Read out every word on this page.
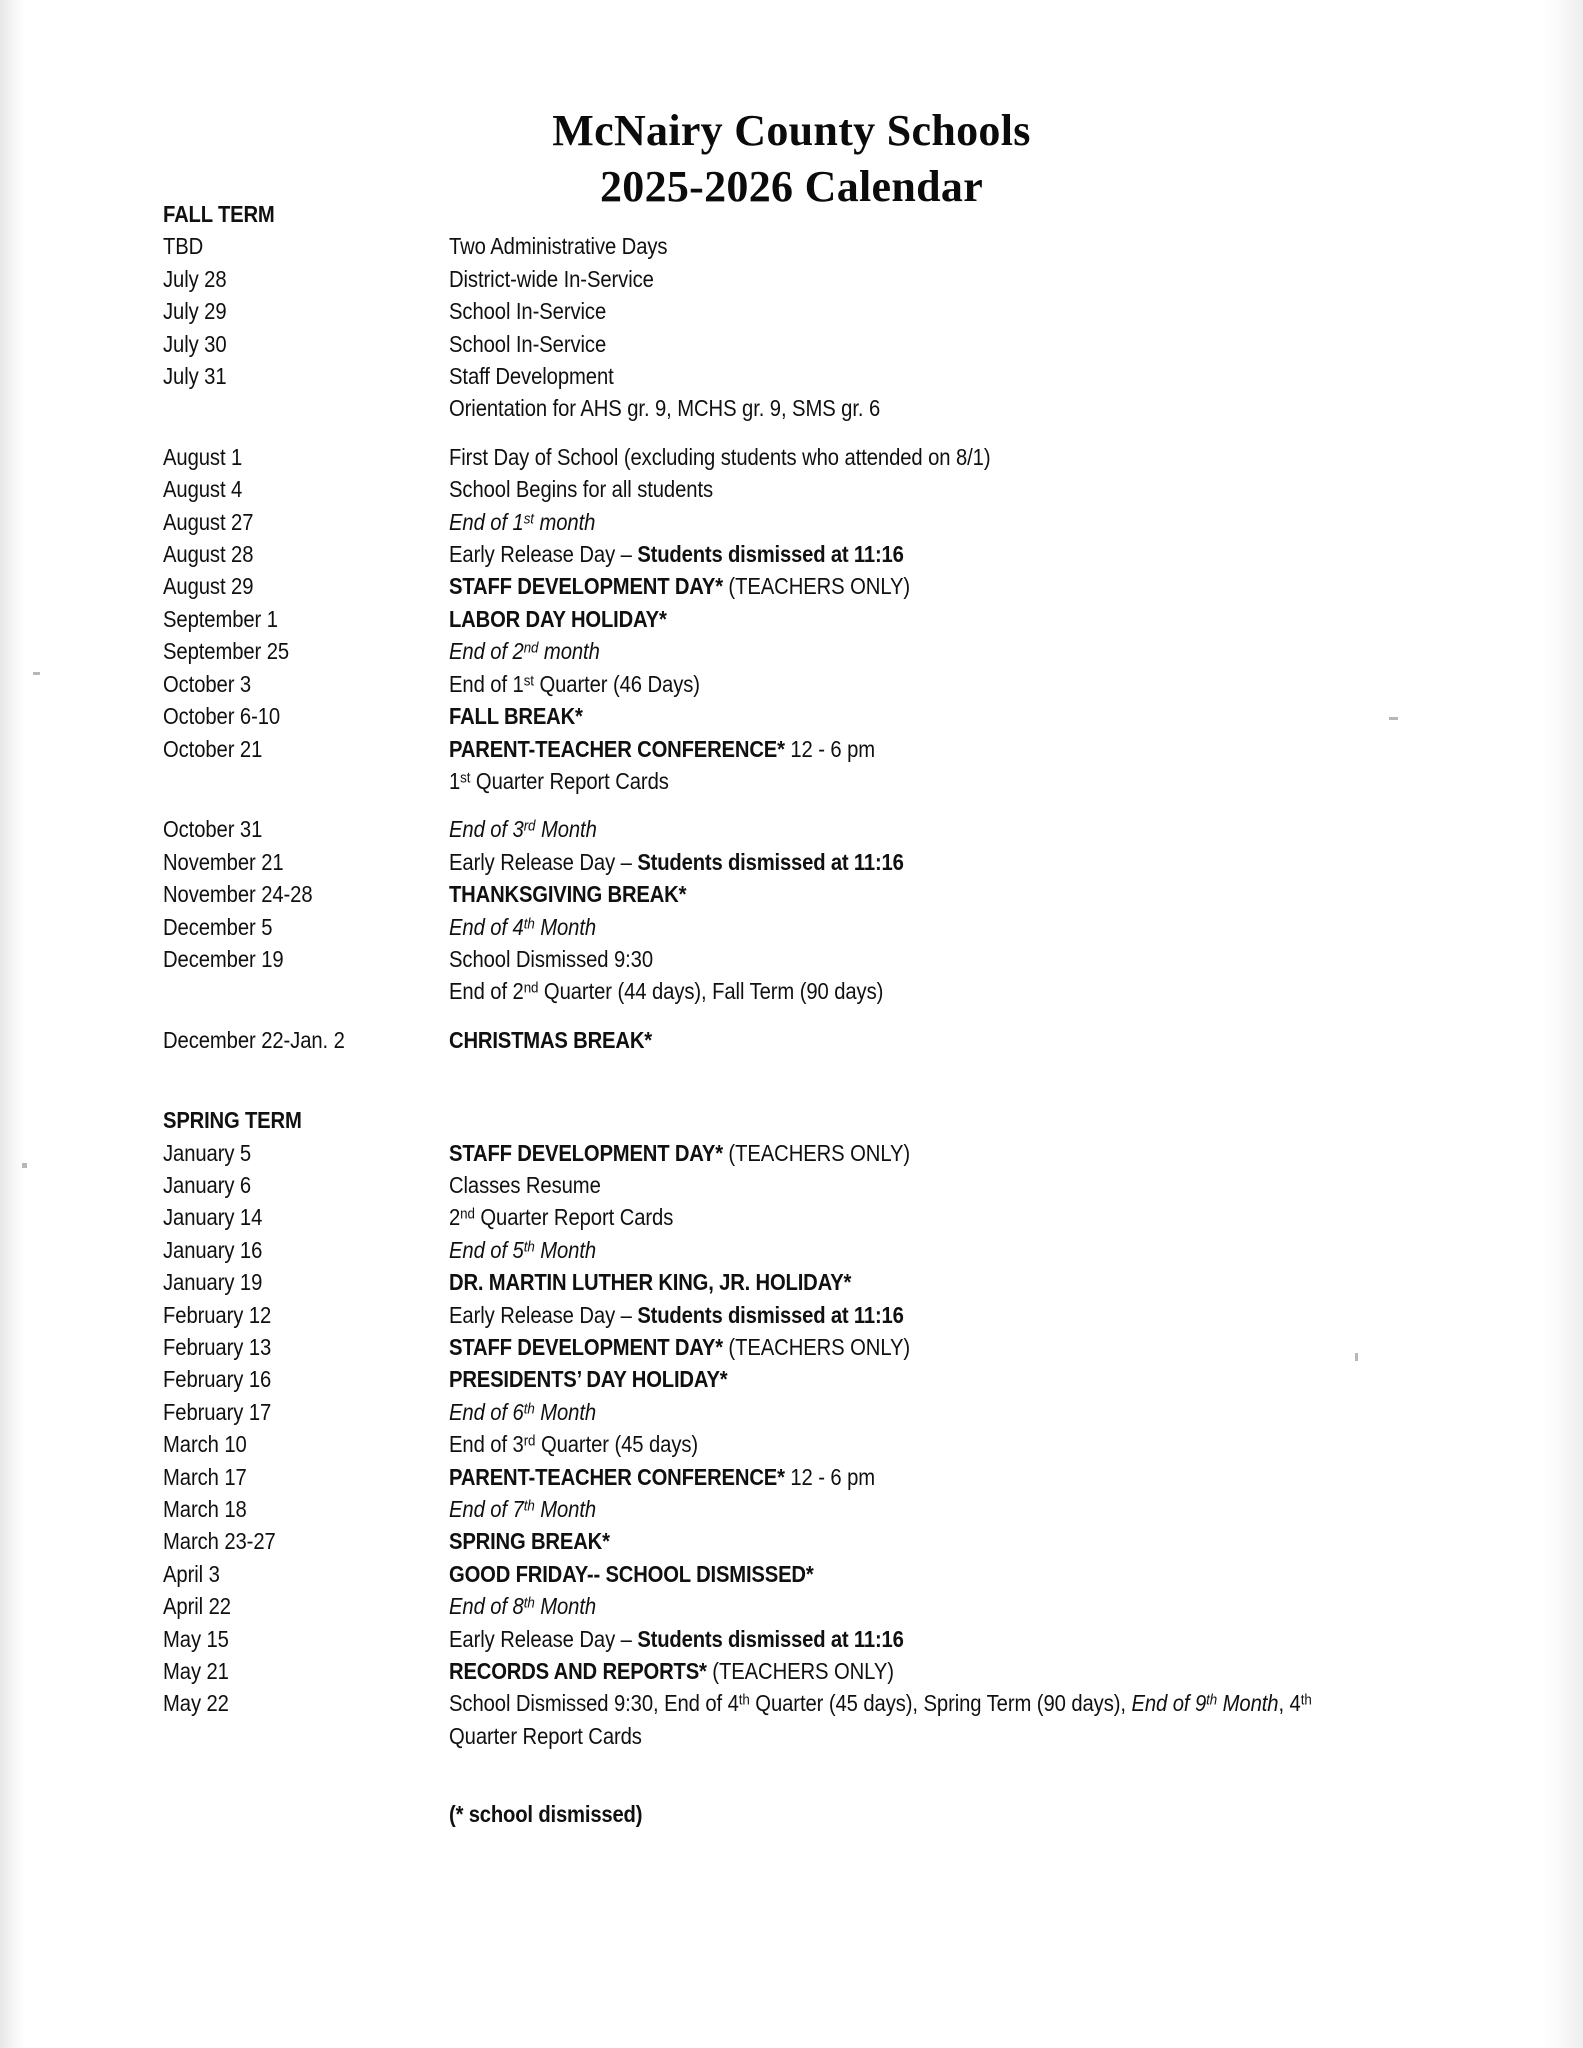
McNairy County Schools
2025-2026 Calendar
FALL TERM
TBD	Two Administrative Days
July 28	District-wide In-Service
July 29	School In-Service
July 30	School In-Service
July 31	Staff Development
Orientation for AHS gr. 9, MCHS gr. 9, SMS gr. 6
August 1	First Day of School (excluding students who attended on 8/1)
August 4	School Begins for all students
August 27	End of 1st month
August 28	Early Release Day – Students dismissed at 11:16
August 29	STAFF DEVELOPMENT DAY* (TEACHERS ONLY)
September 1	LABOR DAY HOLIDAY*
September 25	End of 2nd month
October 3	End of 1st Quarter (46 Days)
October 6-10	FALL BREAK*
October 21	PARENT-TEACHER CONFERENCE* 12 - 6 pm
1st Quarter Report Cards
October 31	End of 3rd Month
November 21	Early Release Day – Students dismissed at 11:16
November 24-28	THANKSGIVING BREAK*
December 5	End of 4th Month
December 19	School Dismissed 9:30
End of 2nd Quarter (44 days), Fall Term (90 days)
December 22-Jan. 2	CHRISTMAS BREAK*
SPRING TERM
January 5	STAFF DEVELOPMENT DAY* (TEACHERS ONLY)
January 6	Classes Resume
January 14	2nd Quarter Report Cards
January 16	End of 5th Month
January 19	DR. MARTIN LUTHER KING, JR. HOLIDAY*
February 12	Early Release Day – Students dismissed at 11:16
February 13	STAFF DEVELOPMENT DAY* (TEACHERS ONLY)
February 16	PRESIDENTS’ DAY HOLIDAY*
February 17	End of 6th Month
March 10	End of 3rd Quarter (45 days)
March 17	PARENT-TEACHER CONFERENCE* 12 - 6 pm
March 18	End of 7th Month
March 23-27	SPRING BREAK*
April 3	GOOD FRIDAY-- SCHOOL DISMISSED*
April 22	End of 8th Month
May 15	Early Release Day – Students dismissed at 11:16
May 21	RECORDS AND REPORTS* (TEACHERS ONLY)
May 22	School Dismissed 9:30, End of 4th Quarter (45 days), Spring Term (90 days), End of 9th Month, 4th Quarter Report Cards
(* school dismissed)
